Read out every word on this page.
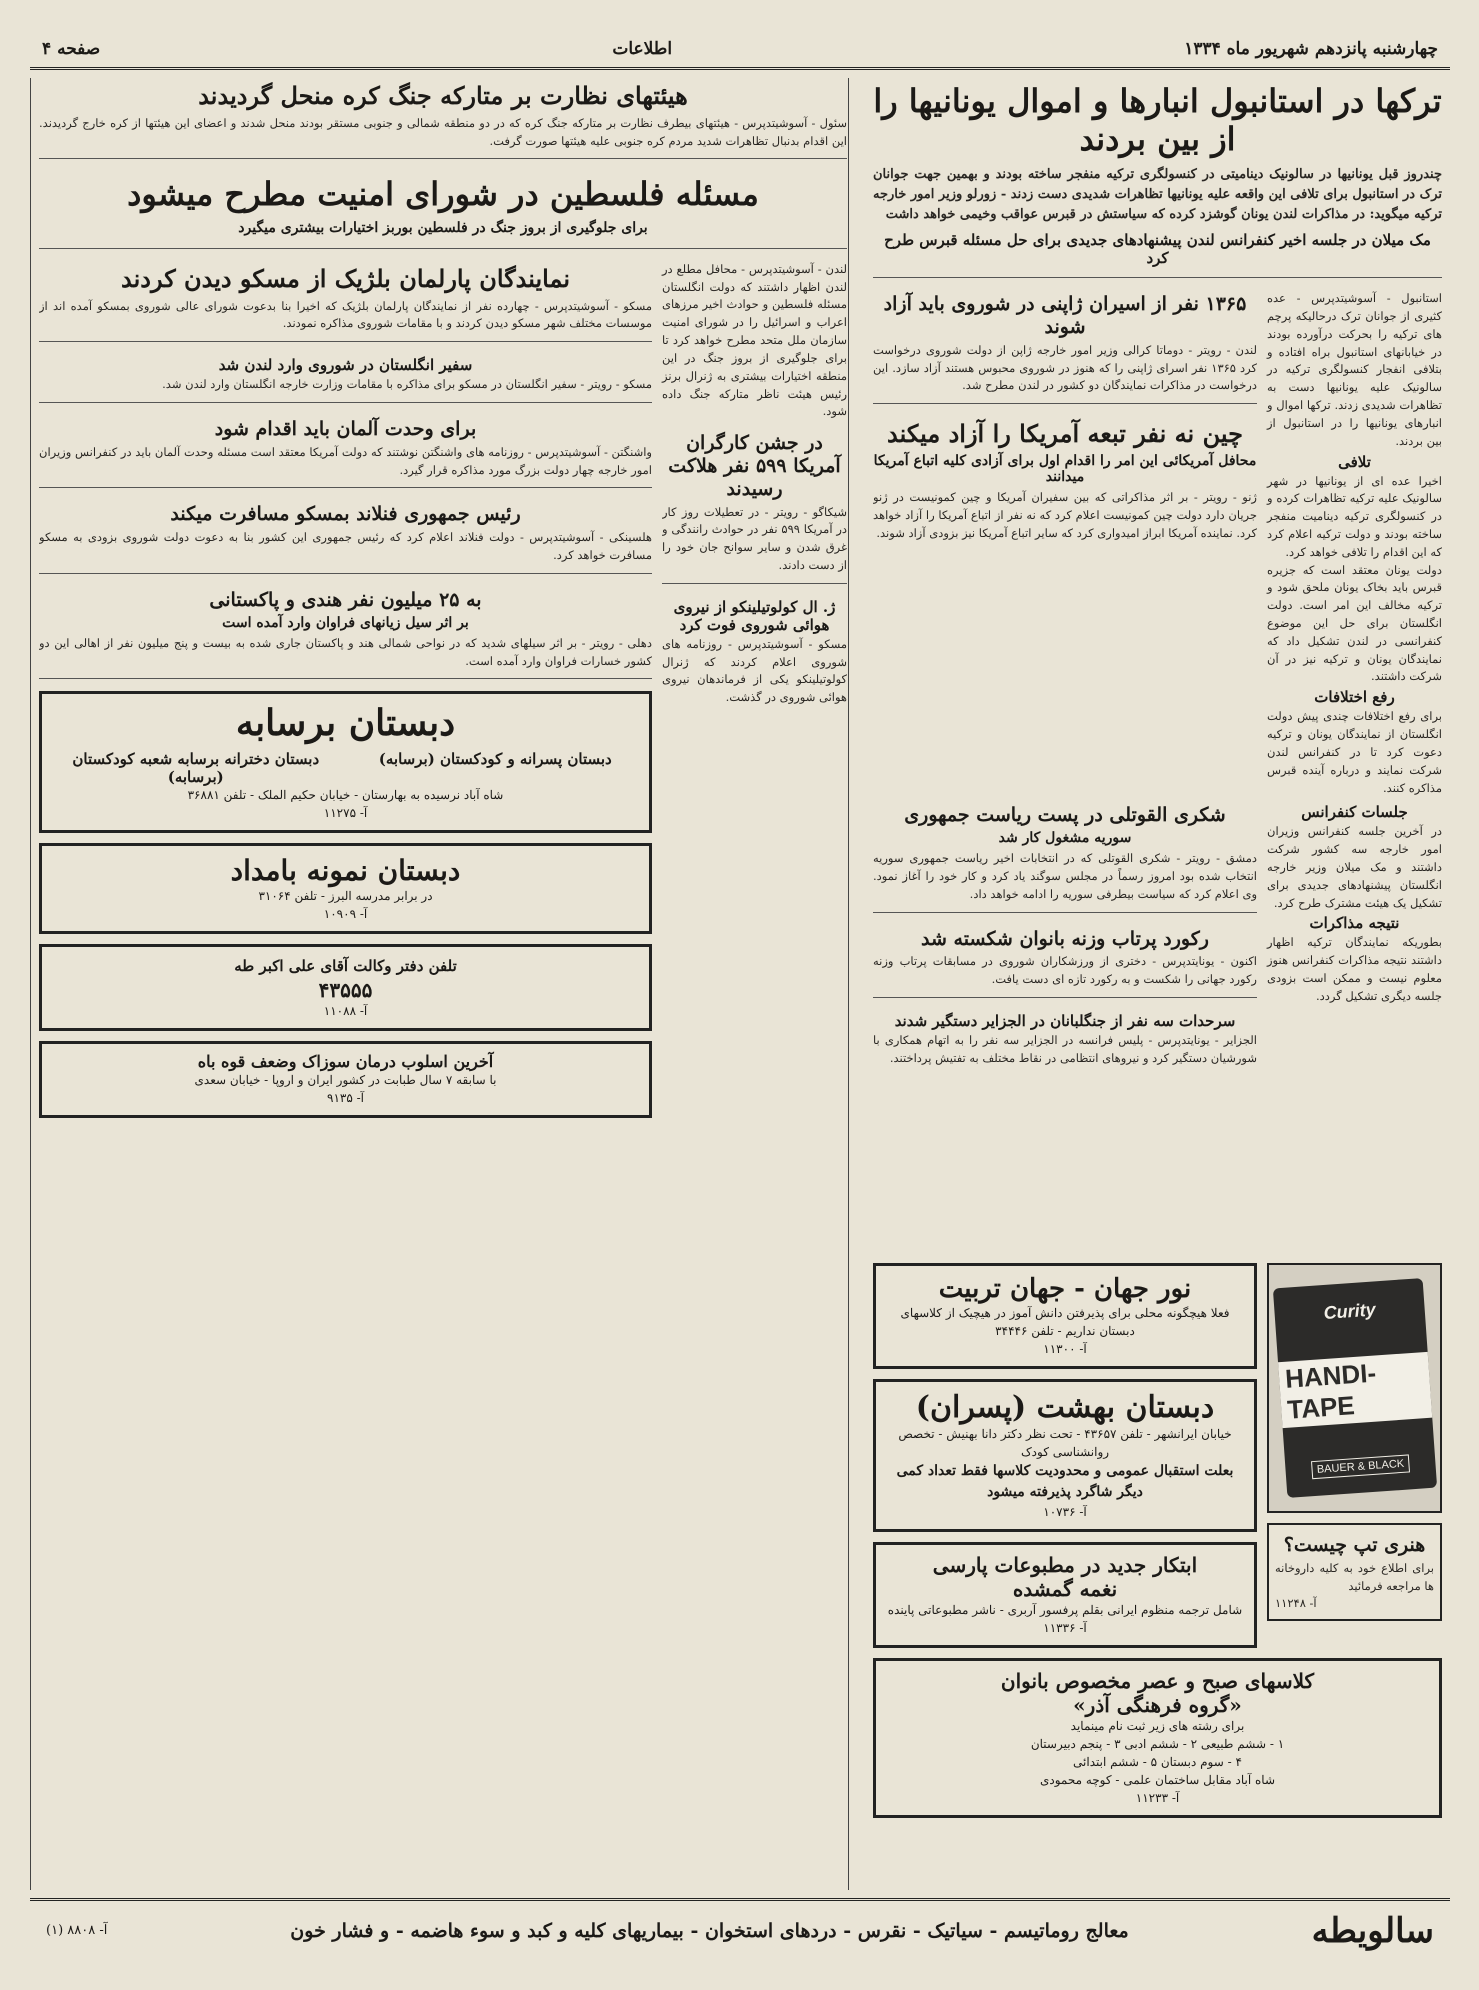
چهارشنبه پانزدهم شهریور ماه ۱۳۳۴
اطلاعات
صفحه ۴
ترکها در استانبول انبارها و اموال یونانیها را از بین بردند

چندروز قبل یونانیها در سالونیک دینامیتی در کنسولگری ترکیه منفجر ساخته بودند و بهمین جهت جوانان ترک در استانبول برای تلافی این واقعه علیه یونانیها تظاهرات شدیدی دست زدند - زورلو وزیر امور خارجه ترکیه میگوید: در مذاکرات لندن یونان گوشزد کرده که سیاستش در قبرس عواقب وخیمی خواهد داشت

مک میلان در جلسه اخیر کنفرانس لندن پیشنهادهای جدیدی برای حل مسئله قبرس طرح کرد

استانبول - آسوشیتدپرس - عده کثیری از جوانان ترک درحالیکه پرچم های ترکیه را بحرکت درآورده بودند در خیابانهای استانبول براه افتاده و بتلافی انفجار کنسولگری ترکیه در سالونیک علیه یونانیها دست به تظاهرات شدیدی زدند. ترکها اموال و انبارهای یونانیها را در استانبول از بین بردند.

تلافی

اخیرا عده ای از یونانیها در شهر سالونیک علیه ترکیه تظاهرات کرده و در کنسولگری ترکیه دینامیت منفجر ساخته بودند و دولت ترکیه اعلام کرد که این اقدام را تلافی خواهد کرد.

دولت یونان معتقد است که جزیره قبرس باید بخاک یونان ملحق شود و ترکیه مخالف این امر است. دولت انگلستان برای حل این موضوع کنفرانسی در لندن تشکیل داد که نمایندگان یونان و ترکیه نیز در آن شرکت داشتند.

رفع اختلافات

برای رفع اختلافات چندی پیش دولت انگلستان از نمایندگان یونان و ترکیه دعوت کرد تا در کنفرانس لندن شرکت نمایند و درباره آینده قبرس مذاکره کنند.

۱۳۶۵ نفر از اسیران ژاپنی در شوروی باید آزاد شوند

لندن - رویتر - دوماتا کرالی وزیر امور خارجه ژاپن از دولت شوروی درخواست کرد ۱۳۶۵ نفر اسرای ژاپنی را که هنوز در شوروی محبوس هستند آزاد سازد. این درخواست در مذاکرات نمایندگان دو کشور در لندن مطرح شد.

چین نه نفر تبعه آمریکا را آزاد میکند

محافل آمریکائی این امر را اقدام اول برای آزادی کلیه اتباع آمریکا میدانند

ژنو - رویتر - بر اثر مذاکراتی که بین سفیران آمریکا و چین کمونیست در ژنو جریان دارد دولت چین کمونیست اعلام کرد که نه نفر از اتباع آمریکا را آزاد خواهد کرد. نماینده آمریکا ابراز امیدواری کرد که سایر اتباع آمریکا نیز بزودی آزاد شوند.

جلسات کنفرانس

در آخرین جلسه کنفرانس وزیران امور خارجه سه کشور شرکت داشتند و مک میلان وزیر خارجه انگلستان پیشنهادهای جدیدی برای تشکیل یک هیئت مشترک طرح کرد.

نتیجه مذاکرات

بطوریکه نمایندگان ترکیه اظهار داشتند نتیجه مذاکرات کنفرانس هنوز معلوم نیست و ممکن است بزودی جلسه دیگری تشکیل گردد.

شکری القوتلی در پست ریاست جمهوری

سوریه مشغول کار شد

دمشق - رویتر - شکری القوتلی که در انتخابات اخیر ریاست جمهوری سوریه انتخاب شده بود امروز رسماً در مجلس سوگند یاد کرد و کار خود را آغاز نمود. وی اعلام کرد که سیاست بیطرفی سوریه را ادامه خواهد داد.

رکورد پرتاب وزنه بانوان شکسته شد

اکنون - یونایتدپرس - دختری از ورزشکاران شوروی در مسابقات پرتاب وزنه رکورد جهانی را شکست و به رکورد تازه ای دست یافت.

سرحدات سه نفر از جنگلبانان در الجزایر دستگیر شدند

الجزایر - یونایتدپرس - پلیس فرانسه در الجزایر سه نفر را به اتهام همکاری با شورشیان دستگیر کرد و نیروهای انتظامی در نقاط مختلف به تفتیش پرداختند.

Curity
HANDI-TAPE
BAUER & BLACK
هنری تپ چیست؟

برای اطلاع خود به کلیه داروخانه ها مراجعه فرمائید

آ- ۱۱۲۴۸

نور جهان - جهان تربیت

فعلا هیچگونه محلی برای پذیرفتن دانش آموز در هیچیک از کلاسهای دبستان نداریم - تلفن ۳۴۴۴۶

آ- ۱۱۳۰۰

دبستان بهشت (پسران)

خیابان ایرانشهر - تلفن ۴۳۶۵۷ - تحت نظر دکتر دانا بهنیش - تخصص روانشناسی کودک

بعلت استقبال عمومی و محدودیت کلاسها فقط تعداد کمی دیگر شاگرد پذیرفته میشود

آ- ۱۰۷۳۶

ابتکار جدید در مطبوعات پارسی
نغمه گمشده

شامل ترجمه منظوم ایرانی بقلم پرفسور آربری - ناشر مطبوعاتی پاینده

آ- ۱۱۳۳۶

کلاسهای صبح و عصر مخصوص بانوان
«گروه فرهنگی آذر»

برای رشته های زیر ثبت نام مینماید

۱ - ششم طبیعی ۲ - ششم ادبی ۳ - پنجم دبیرستان

۴ - سوم دبستان ۵ - ششم ابتدائی

شاه آباد مقابل ساختمان علمی - کوچه محمودی

آ- ۱۱۲۳۳

هیئتهای نظارت بر متارکه جنگ کره منحل گردیدند

سئول - آسوشیتدپرس - هیئتهای بیطرف نظارت بر متارکه جنگ کره که در دو منطقه شمالی و جنوبی مستقر بودند منحل شدند و اعضای این هیئتها از کره خارج گردیدند. این اقدام بدنبال تظاهرات شدید مردم کره جنوبی علیه هیئتها صورت گرفت.

مسئله فلسطین در شورای امنیت مطرح میشود

برای جلوگیری از بروز جنگ در فلسطین بوربز اختیارات بیشتری میگیرد

لندن - آسوشیتدپرس - محافل مطلع در لندن اظهار داشتند که دولت انگلستان مسئله فلسطین و حوادث اخیر مرزهای اعراب و اسرائیل را در شورای امنیت سازمان ملل متحد مطرح خواهد کرد تا برای جلوگیری از بروز جنگ در این منطقه اختیارات بیشتری به ژنرال برنز رئیس هیئت ناظر متارکه جنگ داده شود.

در جشن کارگران آمریکا ۵۹۹ نفر هلاکت رسیدند

شیکاگو - رویتر - در تعطیلات روز کار در آمریکا ۵۹۹ نفر در حوادث رانندگی و غرق شدن و سایر سوانح جان خود را از دست دادند.

ژ. ال کولوتیلینکو از نیروی هوائی شوروی فوت کرد

مسکو - آسوشیتدپرس - روزنامه های شوروی اعلام کردند که ژنرال کولوتیلینکو یکی از فرماندهان نیروی هوائی شوروی در گذشت.

نمایندگان پارلمان بلژیک از مسکو دیدن کردند

مسکو - آسوشیتدپرس - چهارده نفر از نمایندگان پارلمان بلژیک که اخیرا بنا بدعوت شورای عالی شوروی بمسکو آمده اند از موسسات مختلف شهر مسکو دیدن کردند و با مقامات شوروی مذاکره نمودند.

سفیر انگلستان در شوروی وارد لندن شد

مسکو - رویتر - سفیر انگلستان در مسکو برای مذاکره با مقامات وزارت خارجه انگلستان وارد لندن شد.

برای وحدت آلمان باید اقدام شود

واشنگتن - آسوشیتدپرس - روزنامه های واشنگتن نوشتند که دولت آمریکا معتقد است مسئله وحدت آلمان باید در کنفرانس وزیران امور خارجه چهار دولت بزرگ مورد مذاکره قرار گیرد.

رئیس جمهوری فنلاند بمسکو مسافرت میکند

هلسینکی - آسوشیتدپرس - دولت فنلاند اعلام کرد که رئیس جمهوری این کشور بنا به دعوت دولت شوروی بزودی به مسکو مسافرت خواهد کرد.

به ۲۵ میلیون نفر هندی و پاکستانی

بر اثر سیل زیانهای فراوان وارد آمده است

دهلی - رویتر - بر اثر سیلهای شدید که در نواحی شمالی هند و پاکستان جاری شده به بیست و پنج میلیون نفر از اهالی این دو کشور خسارات فراوان وارد آمده است.

دبستان برسابه
دبستان پسرانه و کودکستان (برسابه)
دبستان دخترانه برسابه شعبه کودکستان (برسابه)

شاه آباد نرسیده به بهارستان - خیابان حکیم الملک - تلفن ۳۶۸۸۱

آ- ۱۱۲۷۵

دبستان نمونه بامداد

در برابر مدرسه البرز - تلفن ۳۱۰۶۴

آ- ۱۰۹۰۹

تلفن دفتر وکالت آقای علی اکبر طه

۴۳۵۵۵

آ- ۱۱۰۸۸

آخرین اسلوب درمان سوزاک وضعف قوه باه

با سابقه ۷ سال طبابت در کشور ایران و اروپا - خیابان سعدی

آ- ۹۱۳۵

سالویطه
معالج روماتیسم - سیاتیک - نقرس - دردهای استخوان - بیماریهای کلیه و کبد و سوء هاضمه - و فشار خون
آ- ۸۸۰۸ (۱)
